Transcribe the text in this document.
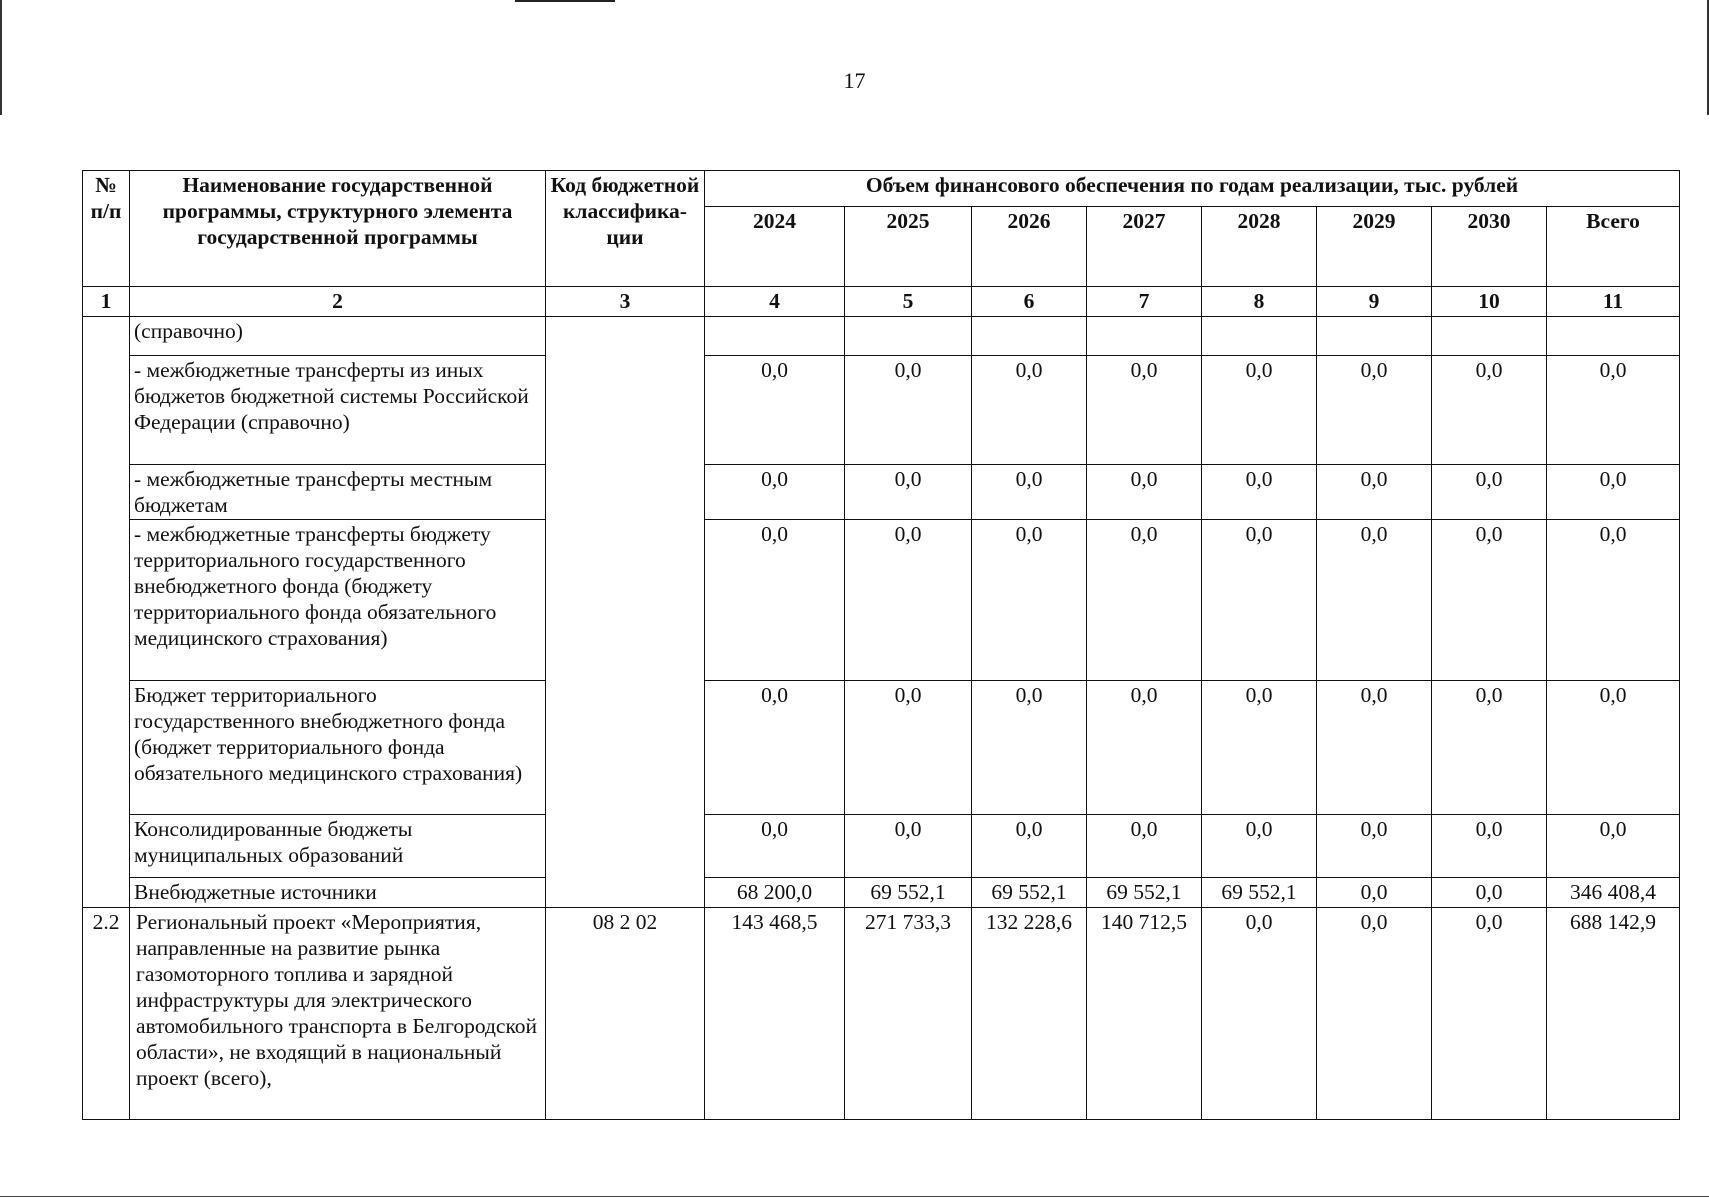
17
№ п/п	Наименование государственной программы, структурного элемента государственной программы	Код бюджетной классифика-ции	Объем финансового обеспечения по годам реализации, тыс. рублей							
			2024	2025	2026	2027	2028	2029	2030	Всего
1	2	3	4	5	6	7	8	9	10	11
	(справочно)									
	- межбюджетные трансферты из иных бюджетов бюджетной системы Российской Федерации (справочно)		0,0	0,0	0,0	0,0	0,0	0,0	0,0	0,0
	- межбюджетные трансферты местным бюджетам		0,0	0,0	0,0	0,0	0,0	0,0	0,0	0,0
	- межбюджетные трансферты бюджету территориального государственного внебюджетного фонда (бюджету территориального фонда обязательного медицинского страхования)		0,0	0,0	0,0	0,0	0,0	0,0	0,0	0,0
	Бюджет территориального государственного внебюджетного фонда (бюджет территориального фонда обязательного медицинского страхования)		0,0	0,0	0,0	0,0	0,0	0,0	0,0	0,0
	Консолидированные бюджеты муниципальных образований		0,0	0,0	0,0	0,0	0,0	0,0	0,0	0,0
	Внебюджетные источники		68 200,0	69 552,1	69 552,1	69 552,1	69 552,1	0,0	0,0	346 408,4
2.2	Региональный проект «Мероприятия, направленные на развитие рынка газомоторного топлива и зарядной инфраструктуры для электрического автомобильного транспорта в Белгородской области», не входящий в национальный проект (всего),	08 2 02	143 468,5	271 733,3	132 228,6	140 712,5	0,0	0,0	0,0	688 142,9
